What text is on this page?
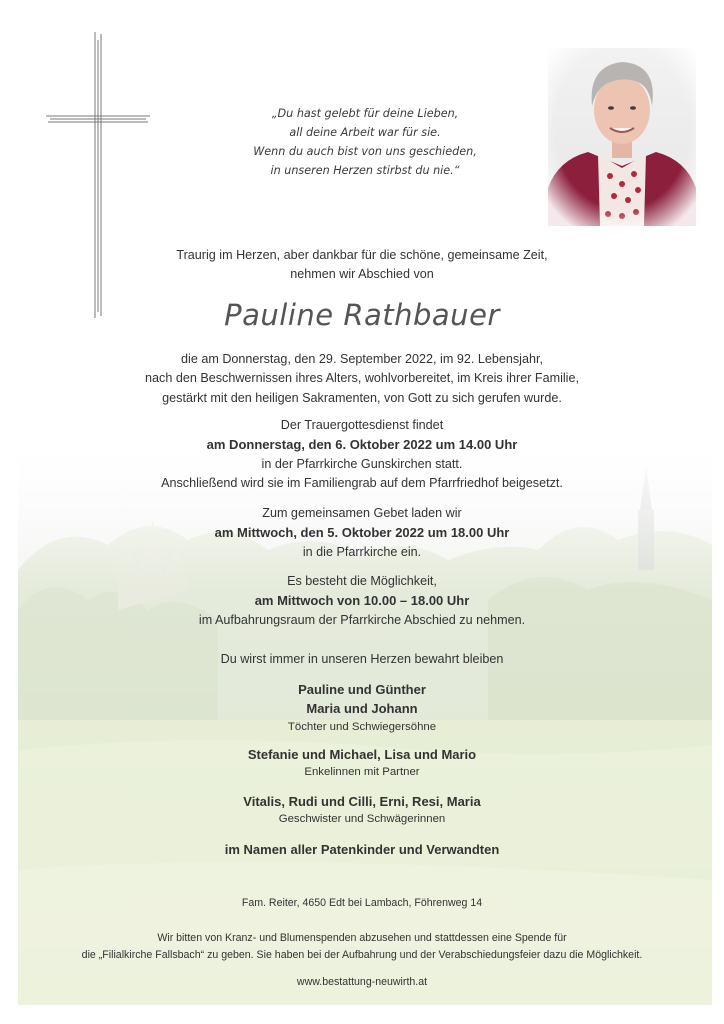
„Du hast gelebt für deine Lieben,
all deine Arbeit war für sie.
Wenn du auch bist von uns geschieden,
in unseren Herzen stirbst du nie.“
Traurig im Herzen, aber dankbar für die schöne, gemeinsame Zeit,
nehmen wir Abschied von
Pauline Rathbauer
die am Donnerstag, den 29. September 2022, im 92. Lebensjahr,
nach den Beschwernissen ihres Alters, wohlvorbereitet, im Kreis ihrer Familie,
gestärkt mit den heiligen Sakramenten, von Gott zu sich gerufen wurde.
Der Trauergottesdienst findet
am Donnerstag, den 6. Oktober 2022 um 14.00 Uhr
in der Pfarrkirche Gunskirchen statt.
Anschließend wird sie im Familiengrab auf dem Pfarrfriedhof beigesetzt.
Zum gemeinsamen Gebet laden wir
am Mittwoch, den 5. Oktober 2022 um 18.00 Uhr
in die Pfarrkirche ein.
Es besteht die Möglichkeit,
am Mittwoch von 10.00 – 18.00 Uhr
im Aufbahrungsraum der Pfarrkirche Abschied zu nehmen.
Du wirst immer in unseren Herzen bewahrt bleiben
Pauline und Günther
Maria und Johann
Töchter und Schwiegersöhne
Stefanie und Michael, Lisa und Mario
Enkelinnen mit Partner
Vitalis, Rudi und Cilli, Erni, Resi, Maria
Geschwister und Schwägerinnen
im Namen aller Patenkinder und Verwandten
Fam. Reiter, 4650 Edt bei Lambach, Föhrenweg 14
Wir bitten von Kranz- und Blumenspenden abzusehen und stattdessen eine Spende für
die „Filialkirche Fallsbach“ zu geben. Sie haben bei der Aufbahrung und der Verabschiedungsfeier dazu die Möglichkeit.
www.bestattung-neuwirth.at
